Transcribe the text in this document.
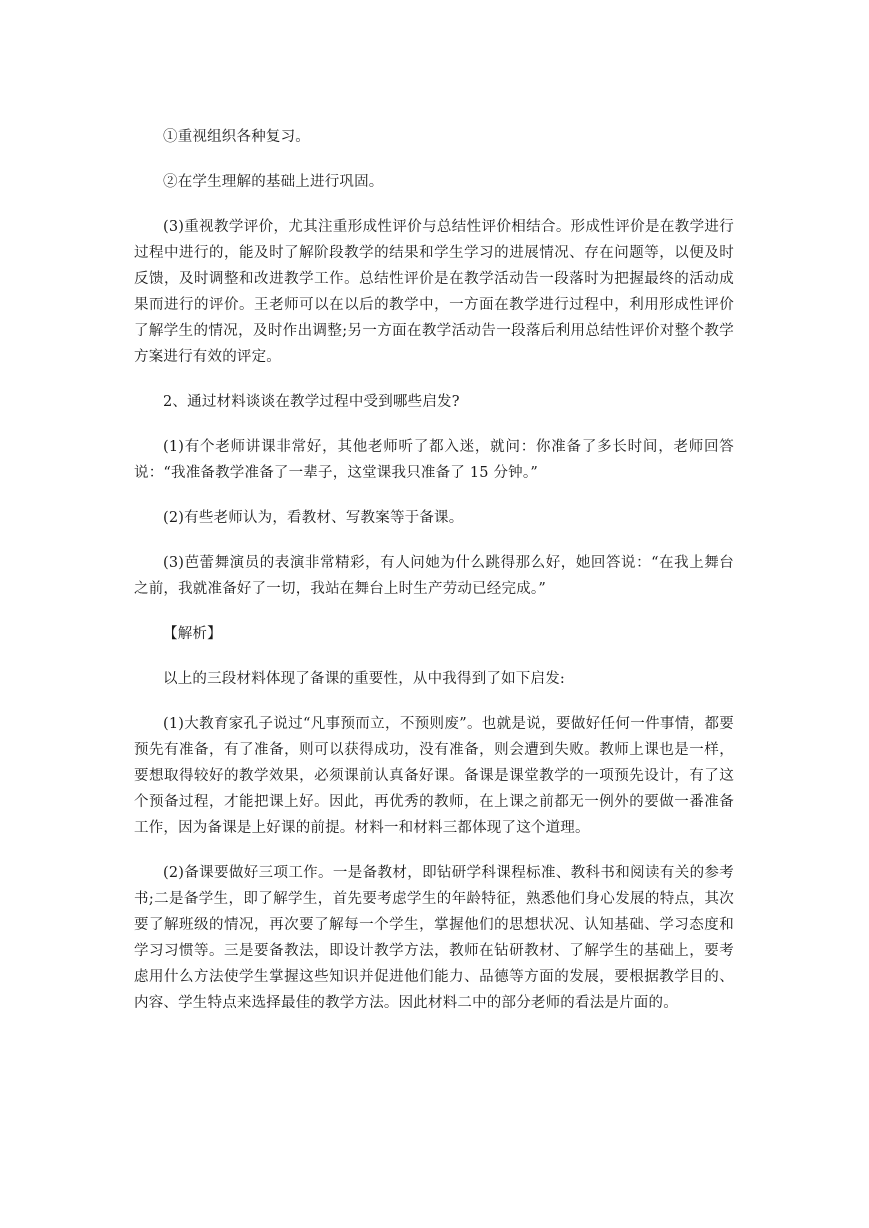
①重视组织各种复习。

②在学生理解的基础上进行巩固。

(3)重视教学评价，尤其注重形成性评价与总结性评价相结合。形成性评价是在教学进行过程中进行的，能及时了解阶段教学的结果和学生学习的进展情况、存在问题等，以便及时反馈，及时调整和改进教学工作。总结性评价是在教学活动告一段落时为把握最终的活动成果而进行的评价。王老师可以在以后的教学中，一方面在教学进行过程中，利用形成性评价了解学生的情况，及时作出调整;另一方面在教学活动告一段落后利用总结性评价对整个教学方案进行有效的评定。

2、通过材料谈谈在教学过程中受到哪些启发?

(1)有个老师讲课非常好，其他老师听了都入迷，就问：你准备了多长时间，老师回答说：“我准备教学准备了一辈子，这堂课我只准备了 15 分钟。”

(2)有些老师认为，看教材、写教案等于备课。

(3)芭蕾舞演员的表演非常精彩，有人问她为什么跳得那么好，她回答说：“在我上舞台之前，我就准备好了一切，我站在舞台上时生产劳动已经完成。”

【解析】

以上的三段材料体现了备课的重要性，从中我得到了如下启发:

(1)大教育家孔子说过“凡事预而立，不预则废”。也就是说，要做好任何一件事情，都要预先有准备，有了准备，则可以获得成功，没有准备，则会遭到失败。教师上课也是一样，要想取得较好的教学效果，必须课前认真备好课。备课是课堂教学的一项预先设计，有了这个预备过程，才能把课上好。因此，再优秀的教师，在上课之前都无一例外的要做一番准备工作，因为备课是上好课的前提。材料一和材料三都体现了这个道理。

(2)备课要做好三项工作。一是备教材，即钻研学科课程标准、教科书和阅读有关的参考书;二是备学生，即了解学生，首先要考虑学生的年龄特征，熟悉他们身心发展的特点，其次要了解班级的情况，再次要了解每一个学生，掌握他们的思想状况、认知基础、学习态度和学习习惯等。三是要备教法，即设计教学方法，教师在钻研教材、了解学生的基础上，要考虑用什么方法使学生掌握这些知识并促进他们能力、品德等方面的发展，要根据教学目的、内容、学生特点来选择最佳的教学方法。因此材料二中的部分老师的看法是片面的。
